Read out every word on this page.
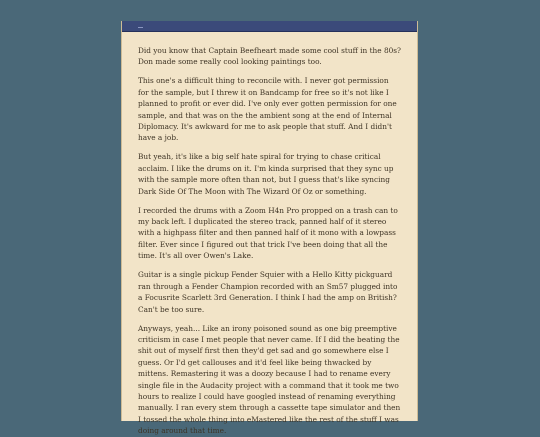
Did you know that Captain Beefheart made some cool stuff in the 80s? Don made some really cool looking paintings too.

This one's a difficult thing to reconcile with. I never got permission for the sample, but I threw it on Bandcamp for free so it's not like I planned to profit or ever did. I've only ever gotten permission for one sample, and that was on the the ambient song at the end of Internal Diplomacy. It's awkward for me to ask people that stuff. And I didn't have a job.

But yeah, it's like a big self hate spiral for trying to chase critical acclaim. I like the drums on it. I'm kinda surprised that they sync up with the sample more often than not, but I guess that's like syncing Dark Side Of The Moon with The Wizard Of Oz or something.

I recorded the drums with a Zoom H4n Pro propped on a trash can to my back left. I duplicated the stereo track, panned half of it stereo with a highpass filter and then panned half of it mono with a lowpass filter. Ever since I figured out that trick I've been doing that all the time. It's all over Owen's Lake.

Guitar is a single pickup Fender Squier with a Hello Kitty pickguard ran through a Fender Champion recorded with an Sm57 plugged into a Focusrite Scarlett 3rd Generation. I think I had the amp on British? Can't be too sure.

Anyways, yeah... Like an irony poisoned sound as one big preemptive criticism in case I met people that never came. If I did the beating the shit out of myself first then they'd get sad and go somewhere else I guess. Or I'd get callouses and it'd feel like being thwacked by mittens. Remastering it was a doozy because I had to rename every single file in the Audacity project with a command that it took me two hours to realize I could have googled instead of renaming everything manually. I ran every stem through a cassette tape simulator and then I tossed the whole thing into eMastered like the rest of the stuff I was doing around that time.
